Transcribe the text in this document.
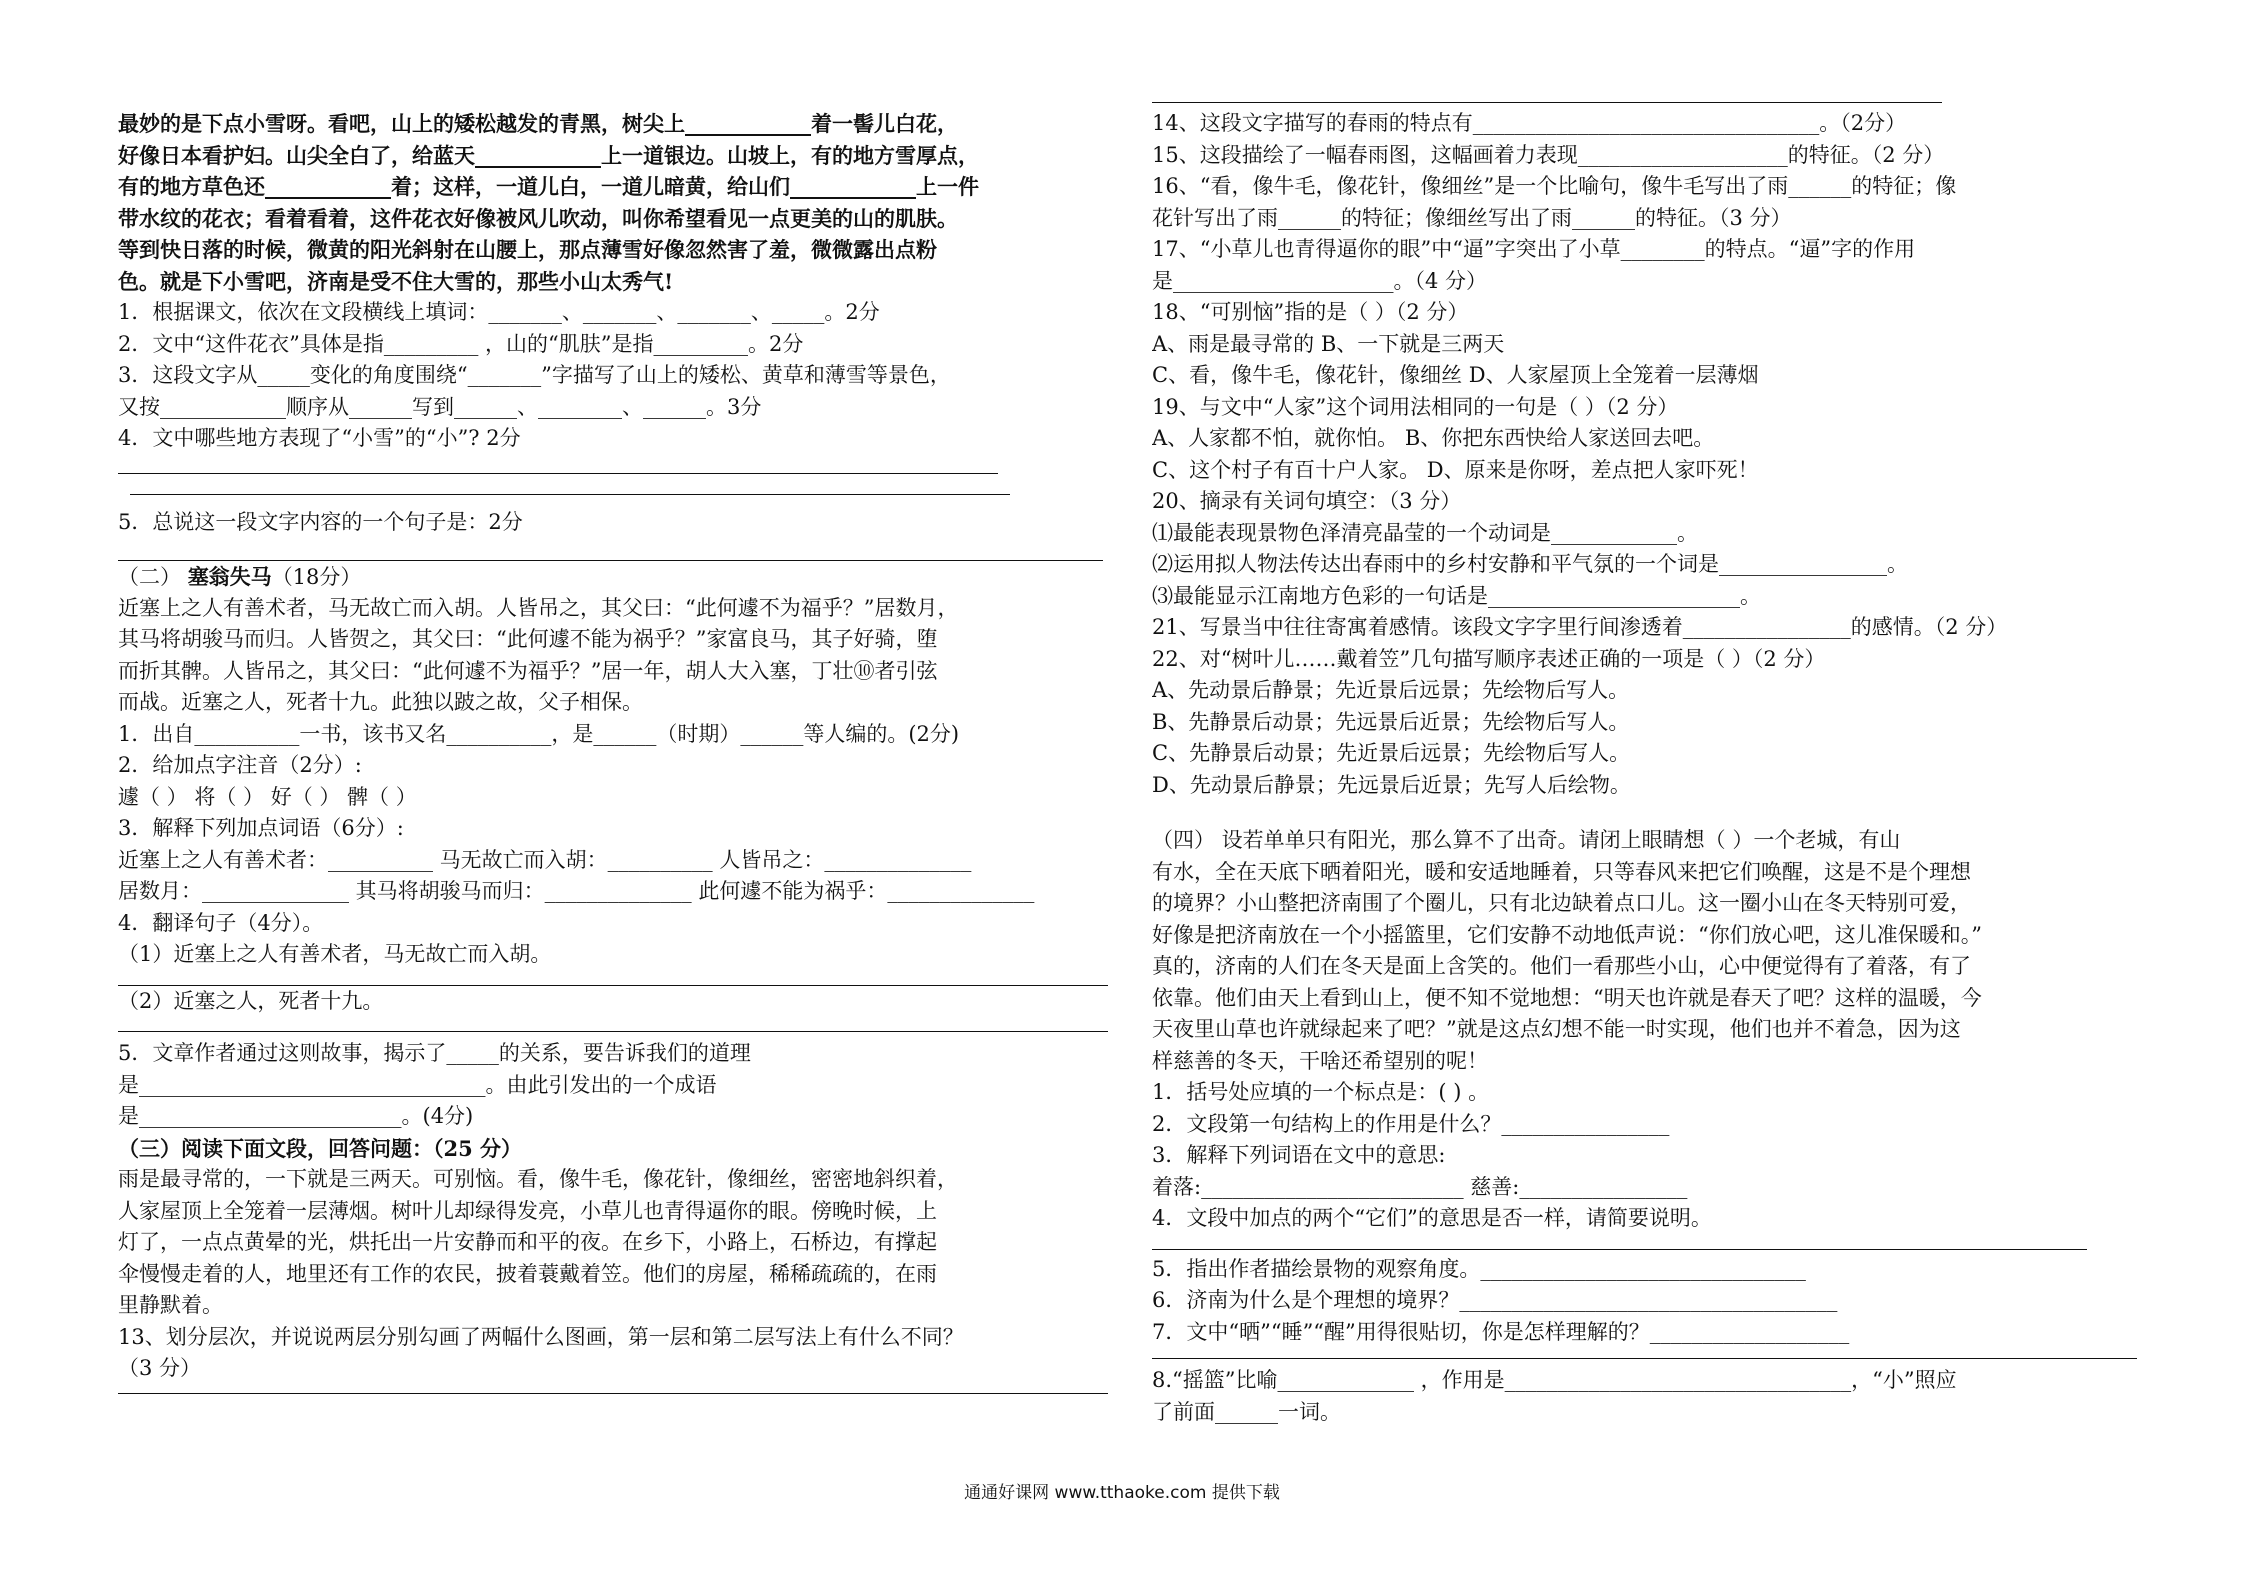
最妙的是下点小雪呀。看吧，山上的矮松越发的青黑，树尖上____________着一髻儿白花，
好像日本看护妇。山尖全白了，给蓝天____________上一道银边。山坡上，有的地方雪厚点，
有的地方草色还____________着；这样，一道儿白，一道儿暗黄，给山们____________上一件
带水纹的花衣；看着看着，这件花衣好像被风儿吹动，叫你希望看见一点更美的山的肌肤。
等到快日落的时候，微黄的阳光斜射在山腰上，那点薄雪好像忽然害了羞，微微露出点粉
色。就是下小雪吧，济南是受不住大雪的，那些小山太秀气!
1．根据课文，依次在文段横线上填词：_______、_______、_______、_____。2分
2．文中“这件花衣”具体是指_________ ，山的“肌肤”是指_________。2分
3．这段文字从_____变化的角度围绕“_______”字描写了山上的矮松、黄草和薄雪等景色，
又按____________顺序从______写到______、________、______。3分
4．文中哪些地方表现了“小雪”的“小”? 2分
5．总说这一段文字内容的一个句子是：2分
（二） 塞翁失马（18分）
近塞上之人有善术者，马无故亡而入胡。人皆吊之，其父曰：“此何遽不为福乎？”居数月，
其马将胡骏马而归。人皆贺之，其父曰：“此何遽不能为祸乎？”家富良马，其子好骑，堕
而折其髀。人皆吊之，其父曰：“此何遽不为福乎？”居一年，胡人大入塞，丁壮⑩者引弦
而战。近塞之人，死者十九。此独以跛之故，父子相保。
1．出自__________一书，该书又名__________，是______（时期）______等人编的。(2分)
2．给加点字注音（2分）:
遽（ ） 将（ ） 好（ ） 髀（ ）
3．解释下列加点词语（6分）:
近塞上之人有善术者：__________ 马无故亡而入胡：__________ 人皆吊之：______________
居数月：______________ 其马将胡骏马而归：______________ 此何遽不能为祸乎：______________
4．翻译句子（4分）。
（1）近塞上之人有善术者，马无故亡而入胡。
（2）近塞之人，死者十九。
5．文章作者通过这则故事，揭示了_____的关系，要告诉我们的道理
是_________________________________。由此引发出的一个成语
是_________________________。(4分)
（三）阅读下面文段，回答问题：（25 分）
雨是最寻常的，一下就是三两天。可别恼。看，像牛毛，像花针，像细丝，密密地斜织着，
人家屋顶上全笼着一层薄烟。树叶儿却绿得发亮，小草儿也青得逼你的眼。傍晚时候，上
灯了，一点点黄晕的光，烘托出一片安静而和平的夜。在乡下，小路上，石桥边，有撑起
伞慢慢走着的人，地里还有工作的农民，披着蓑戴着笠。他们的房屋，稀稀疏疏的，在雨
里静默着。
13、划分层次，并说说两层分别勾画了两幅什么图画，第一层和第二层写法上有什么不同？
（3 分）
14、这段文字描写的春雨的特点有_________________________________。（2分）
15、这段描绘了一幅春雨图，这幅画着力表现____________________的特征。（2 分）
16、“看，像牛毛，像花针，像细丝”是一个比喻句，像牛毛写出了雨______的特征；像
花针写出了雨______的特征；像细丝写出了雨______的特征。（3 分）
17、“小草儿也青得逼你的眼”中“逼”字突出了小草________的特点。“逼”字的作用
是_____________________。（4 分）
18、“可别恼”指的是（ ）（2 分）
A、雨是最寻常的 B、一下就是三两天
C、看，像牛毛，像花针，像细丝 D、人家屋顶上全笼着一层薄烟
19、与文中“人家”这个词用法相同的一句是（ ）（2 分）
A、人家都不怕，就你怕。 B、你把东西快给人家送回去吧。
C、这个村子有百十户人家。 D、原来是你呀，差点把人家吓死！
20、摘录有关词句填空：（3 分）
⑴最能表现景物色泽清亮晶莹的一个动词是____________。
⑵运用拟人物法传达出春雨中的乡村安静和平气氛的一个词是________________。
⑶最能显示江南地方色彩的一句话是________________________。
21、写景当中往往寄寓着感情。该段文字字里行间渗透着________________的感情。（2 分）
22、对“树叶儿……戴着笠”几句描写顺序表述正确的一项是（ ）（2 分）
A、先动景后静景；先近景后远景；先绘物后写人。
B、先静景后动景；先远景后近景；先绘物后写人。
C、先静景后动景；先近景后远景；先绘物后写人。
D、先动景后静景；先远景后近景；先写人后绘物。
（四） 设若单单只有阳光，那么算不了出奇。请闭上眼睛想（ ）一个老城，有山
有水，全在天底下晒着阳光，暖和安适地睡着，只等春风来把它们唤醒，这是不是个理想
的境界？小山整把济南围了个圈儿，只有北边缺着点口儿。这一圈小山在冬天特别可爱，
好像是把济南放在一个小摇篮里，它们安静不动地低声说：“你们放心吧，这儿准保暖和。”
真的，济南的人们在冬天是面上含笑的。他们一看那些小山，心中便觉得有了着落，有了
依靠。他们由天上看到山上，便不知不觉地想：“明天也许就是春天了吧？这样的温暖，今
天夜里山草也许就绿起来了吧？”就是这点幻想不能一时实现，他们也并不着急，因为这
样慈善的冬天，干啥还希望别的呢！
1．括号处应填的一个标点是：( ) 。
2．文段第一句结构上的作用是什么？________________
3．解释下列词语在文中的意思:
着落:_________________________ 慈善:________________
4．文段中加点的两个“它们”的意思是否一样，请简要说明。
5．指出作者描绘景物的观察角度。_______________________________
6．济南为什么是个理想的境界？____________________________________
7．文中“晒”“睡”“醒”用得很贴切，你是怎样理解的？___________________
8.“摇篮”比喻_____________ ，作用是_________________________________，“小”照应
了前面______一词。
通通好课网 www.tthaoke.com 提供下载
